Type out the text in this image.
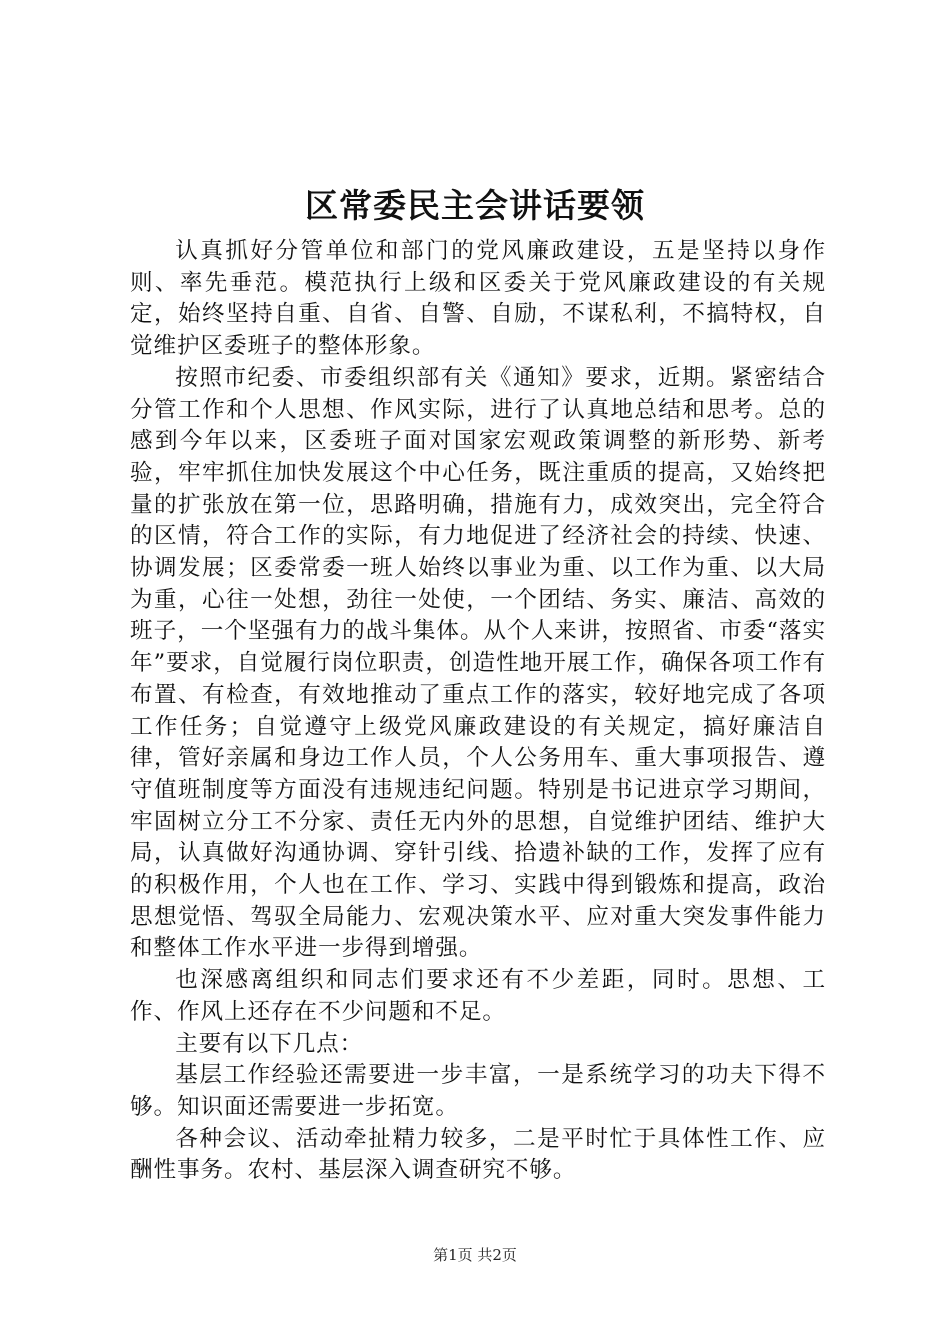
区常委民主会讲话要领

认真抓好分管单位和部门的党风廉政建设，五是坚持以身作则、率先垂范。模范执行上级和区委关于党风廉政建设的有关规定，始终坚持自重、自省、自警、自励，不谋私利，不搞特权，自觉维护区委班子的整体形象。

按照市纪委、市委组织部有关《通知》要求，近期。紧密结合分管工作和个人思想、作风实际，进行了认真地总结和思考。总的感到今年以来，区委班子面对国家宏观政策调整的新形势、新考验，牢牢抓住加快发展这个中心任务，既注重质的提高，又始终把量的扩张放在第一位，思路明确，措施有力，成效突出，完全符合的区情，符合工作的实际，有力地促进了经济社会的持续、快速、协调发展；区委常委一班人始终以事业为重、以工作为重、以大局为重，心往一处想，劲往一处使，一个团结、务实、廉洁、高效的班子，一个坚强有力的战斗集体。从个人来讲，按照省、市委“落实年”要求，自觉履行岗位职责，创造性地开展工作，确保各项工作有布置、有检查，有效地推动了重点工作的落实，较好地完成了各项工作任务；自觉遵守上级党风廉政建设的有关规定，搞好廉洁自律，管好亲属和身边工作人员，个人公务用车、重大事项报告、遵守值班制度等方面没有违规违纪问题。特别是书记进京学习期间，牢固树立分工不分家、责任无内外的思想，自觉维护团结、维护大局，认真做好沟通协调、穿针引线、拾遗补缺的工作，发挥了应有的积极作用，个人也在工作、学习、实践中得到锻炼和提高，政治思想觉悟、驾驭全局能力、宏观决策水平、应对重大突发事件能力和整体工作水平进一步得到增强。

也深感离组织和同志们要求还有不少差距，同时。思想、工作、作风上还存在不少问题和不足。

主要有以下几点：

基层工作经验还需要进一步丰富，一是系统学习的功夫下得不够。知识面还需要进一步拓宽。

各种会议、活动牵扯精力较多，二是平时忙于具体性工作、应酬性事务。农村、基层深入调查研究不够。

第1页 共2页
